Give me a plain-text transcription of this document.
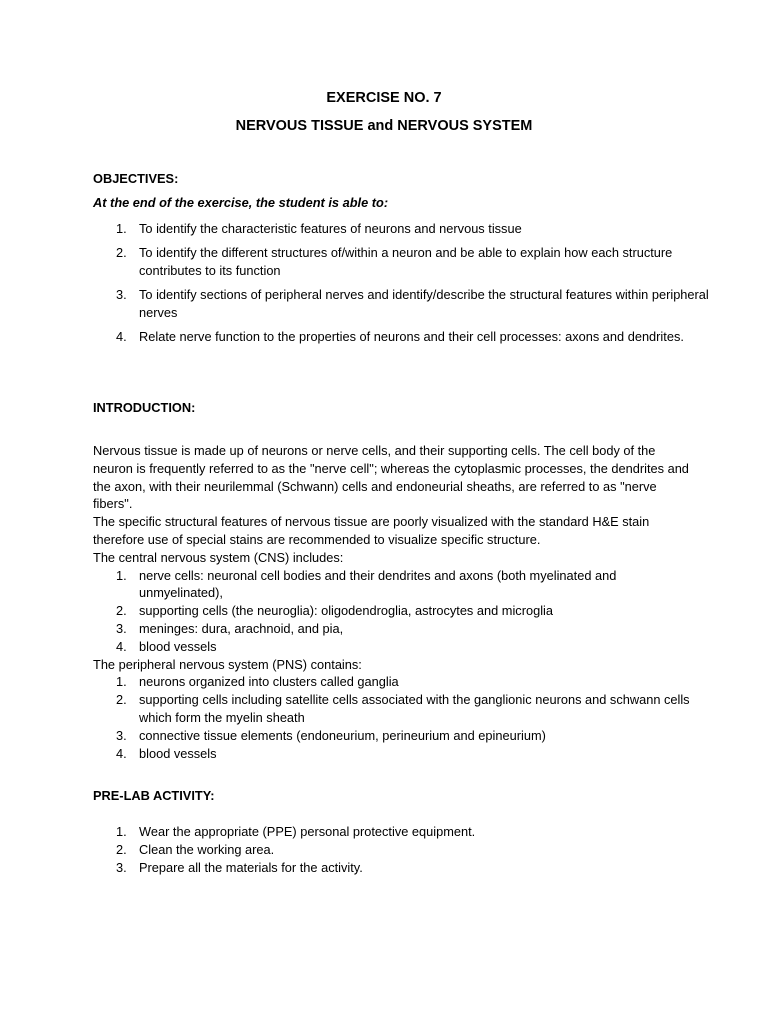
EXERCISE NO. 7
NERVOUS TISSUE and NERVOUS SYSTEM
OBJECTIVES:
At the end of the exercise, the student is able to:
1. To identify the characteristic features of neurons and nervous tissue
2. To identify the different structures of/within a neuron and be able to explain how each structure contributes to its function
3. To identify sections of peripheral nerves and identify/describe the structural features within peripheral nerves
4. Relate nerve function to the properties of neurons and their cell processes: axons and dendrites.
INTRODUCTION:
Nervous tissue is made up of neurons or nerve cells, and their supporting cells. The cell body of the neuron is frequently referred to as the "nerve cell"; whereas the cytoplasmic processes, the dendrites and the axon, with their neurilemmal (Schwann) cells and endoneurial sheaths, are referred to as "nerve fibers".
The specific structural features of nervous tissue are poorly visualized with the standard H&E stain therefore use of special stains are recommended to visualize specific structure.
The central nervous system (CNS) includes:
1. nerve cells: neuronal cell bodies and their dendrites and axons (both myelinated and unmyelinated),
2. supporting cells (the neuroglia): oligodendroglia, astrocytes and microglia
3. meninges: dura, arachnoid, and pia,
4. blood vessels
The peripheral nervous system (PNS) contains:
1. neurons organized into clusters called ganglia
2. supporting cells including satellite cells associated with the ganglionic neurons and schwann cells which form the myelin sheath
3. connective tissue elements (endoneurium, perineurium and epineurium)
4. blood vessels
PRE-LAB ACTIVITY:
1. Wear the appropriate (PPE) personal protective equipment.
2. Clean the working area.
3. Prepare all the materials for the activity.
